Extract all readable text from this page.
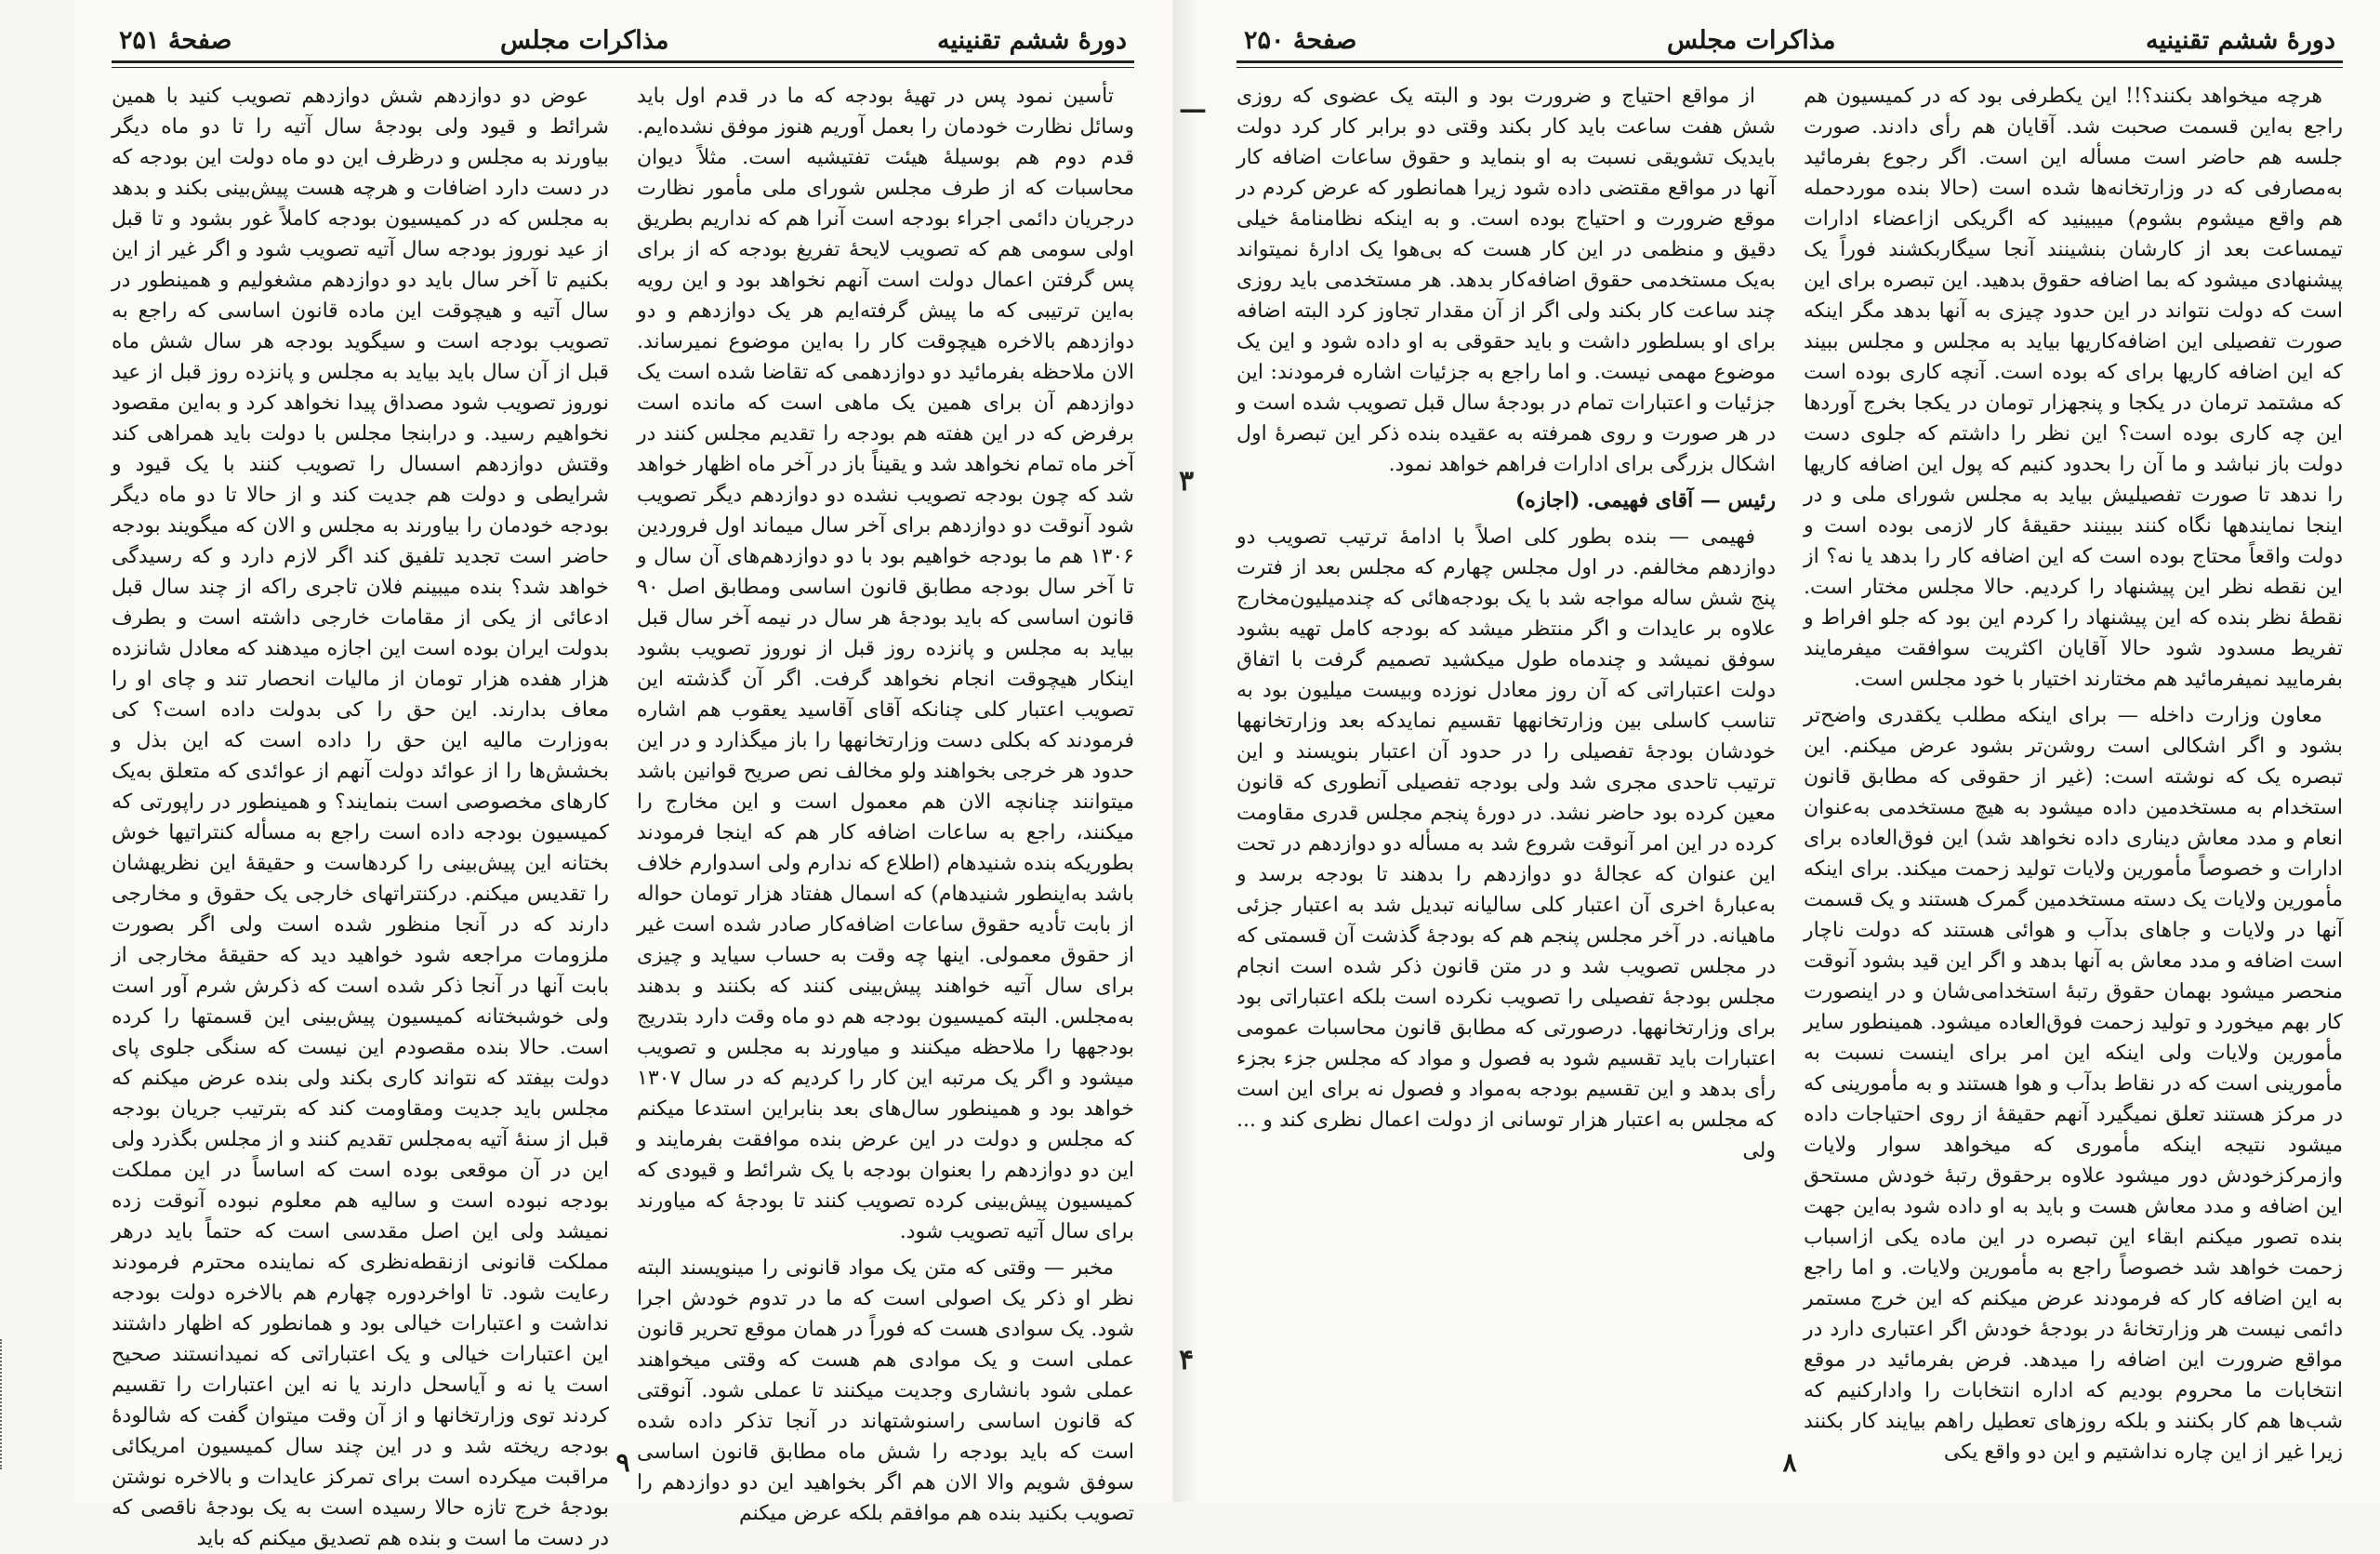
دورهٔ ششم تقنینیه
مذاکرات مجلس
صفحهٔ ۲۵۱

تأسین نمود پس در تهیهٔ بودجه که ما در قدم اول باید وسائل نظارت خودمان را بعمل آوریم هنوز موفق نشده‌ایم. قدم دوم هم بوسیلهٔ هیئت تفتیشیه است. مثلاً دیوان محاسبات که از طرف مجلس شورای ملی مأمور نظارت درجریان دائمی اجراء بودجه است آنرا هم که نداریم بطریق اولی سومی هم که تصویب لایحهٔ تفریغ بودجه که از برای پس گرفتن اعمال دولت است آنهم نخواهد بود و این رویه به‌این ترتیبی که ما پیش گرفته‌ایم هر یک دوازدهم و دو دوازدهم بالاخره هیچوقت کار را به‌این موضوع نمیرساند. الان ملاحظه بفرمائید دو دوازدهمی که تقاضا شده است یک دوازدهم آن برای همین یک ماهی است که مانده است برفرض که در این هفته هم بودجه را تقدیم مجلس کنند در آخر ماه تمام نخواهد شد و یقیناً باز در آخر ماه اظهار خواهد شد که چون بودجه تصویب نشده دو دوازدهم دیگر تصویب شود آنوقت دو دوازدهم برای آخر سال میماند اول فروردین ۱۳۰۶ هم ما بودجه خواهیم بود با دو دوازدهم‌های آن سال و تا آخر سال بودجه مطابق قانون اساسی ومطابق اصل ۹۰ قانون اساسی که باید بودجهٔ هر سال در نیمه آخر سال قبل بیاید به مجلس و پانزده روز قبل از نوروز تصویب بشود اینکار هیچوقت انجام نخواهد گرفت. اگر آن گذشته این تصویب اعتبار کلی چنانکه آقای آقاسید یعقوب هم اشاره فرمودند که بکلی دست وزارتخانهها را باز میگذارد و در این حدود هر خرجی بخواهند ولو مخالف نص صریح قوانین باشد میتوانند چنانچه الان هم معمول است و این مخارج را میکنند، راجع به ساعات اضافه کار هم که اینجا فرمودند بطوریکه بنده شنیدهام (اطلاع که ندارم ولی اسدوارم خلاف باشد به‌اینطور شنیدهام) که اسمال هفتاد هزار تومان حواله از بابت تأدیه حقوق ساعات اضافه‌کار صادر شده است غیر از حقوق معمولی. اینها چه وقت به حساب سیاید و چیزی برای سال آتیه خواهند پیش‌بینی کنند که بکنند و بدهند به‌مجلس. البته کمیسیون بودجه هم دو ماه وقت دارد بتدریج بودجهها را ملاحظه میکنند و میاورند به مجلس و تصویب میشود و اگر یک مرتبه این کار را کردیم که در سال ۱۳۰۷ خواهد بود و همینطور سال‌های بعد بنابراین استدعا میکنم که مجلس و دولت در این عرض بنده موافقت بفرمایند و این دو دوازدهم را بعنوان بودجه با یک شرائط و قیودی که کمیسیون پیش‌بینی کرده تصویب کنند تا بودجهٔ که میاورند برای سال آتیه تصویب شود.

مخبر — وقتی که متن یک مواد قانونی را مینویسند البته نظر او ذکر یک اصولی است که ما در تدوم خودش اجرا شود. یک سوادی هست که فوراً در همان موقع تحریر قانون عملی است و یک موادی هم هست که وقتی میخواهند عملی شود بانشاری وجدیت میکنند تا عملی شود. آنوقتی که قانون اساسی راسنوشتهاند در آنجا تذکر داده شده است که باید بودجه را شش ماه مطابق قانون اساسی سوفق شویم والا الان هم اگر بخواهید این دو دوازدهم را تصویب بکنید بنده هم موافقم بلکه عرض میکنم

عوض دو دوازدهم شش دوازدهم تصویب کنید با همین شرائط و قیود ولی بودجهٔ سال آتیه را تا دو ماه دیگر بیاورند به مجلس و درظرف این دو ماه دولت این بودجه که در دست دارد اضافات و هرچه هست پیش‌بینی بکند و بدهد به مجلس که در کمیسیون بودجه کاملاً غور بشود و تا قبل از عید نوروز بودجه سال آتیه تصویب شود و اگر غیر از این بکنیم تا آخر سال باید دو دوازدهم مشغولیم و همینطور در سال آتیه و هیچوقت این ماده قانون اساسی که راجع به تصویب بودجه است و سیگوید بودجه هر سال شش ماه قبل از آن سال باید بیاید به مجلس و پانزده روز قبل از عید نوروز تصویب شود مصداق پیدا نخواهد کرد و به‌این مقصود نخواهیم رسید. و درابنجا مجلس با دولت باید همراهی کند وقتش دوازدهم اسسال را تصویب کنند با یک قیود و شرایطی و دولت هم جدیت کند و از حالا تا دو ماه دیگر بودجه خودمان را بیاورند به مجلس و الان که میگویند بودجه حاضر است تجدید تلفیق کند اگر لازم دارد و که رسیدگی خواهد شد؟ بنده میبینم فلان تاجری راکه از چند سال قبل ادعائی از یکی از مقامات خارجی داشته است و بطرف بدولت ایران بوده است این اجازه میدهند که معادل شانزده هزار هفده هزار تومان از مالیات انحصار تند و چای او را معاف بدارند. این حق را کی بدولت داده است؟ کی به‌وزارت مالیه این حق را داده است که این بذل و بخشش‌ها را از عوائد دولت آنهم از عوائدی که متعلق به‌یک کارهای مخصوصی است بنمایند؟ و همینطور در راپورتی که کمیسیون بودجه داده است راجع به مسأله کنتراتیها خوش بختانه این پیش‌بینی را کردهاست و حقیقهٔ این نظریهشان را تقدیس میکنم. درکنتراتهای خارجی یک حقوق و مخارجی دارند که در آنجا منظور شده است ولی اگر بصورت ملزومات مراجعه شود خواهید دید که حقیقهٔ مخارجی از بابت آنها در آنجا ذکر شده است که ذکرش شرم آور است ولی خوشبختانه کمیسیون پیش‌بینی این قسمتها را کرده است. حالا بنده مقصودم این نیست که سنگی جلوی پای دولت بیفتد که نتواند کاری بکند ولی بنده عرض میکنم که مجلس باید جدیت ومقاومت کند که بترتیب جریان بودجه قبل از سنهٔ آتیه به‌مجلس تقدیم کنند و از مجلس بگذرد ولی این در آن موقعی بوده است که اساساً در این مملکت بودجه نبوده است و ساليه هم معلوم نبوده آنوقت زده نمیشد ولی این اصل مقدسی است که حتماً باید درهر مملکت قانونی ازنقطه‌نظری که نماینده محترم فرمودند رعایت شود. تا اواخردوره چهارم هم بالاخره دولت بودجه نداشت و اعتبارات خیالی بود و همانطور که اظهار داشتند این اعتبارات خیالی و یک اعتباراتی که نمیدانستند صحیح است یا نه و آیاسحل دارند یا نه این اعتبارات را تقسیم کردند توی وزارتخانها و از آن وقت میتوان گفت که شالودهٔ بودجه ریخته شد و در این چند سال کمیسیون امریکائی مراقبت میکرده است برای تمرکز عایدات و بالاخره نوشتن بودجهٔ خرج تازه حالا رسیده است به یک بودجهٔ ناقصی که در دست ما است و بنده هم تصدیق میکنم که باید

۹
دورهٔ ششم تقنینیه
مذاکرات مجلس
صفحهٔ ۲۵۰

هرچه میخواهد بکنند؟!! این یکطرفی بود که در کمیسیون هم راجع به‌این قسمت صحبت شد. آقایان هم رأی دادند. صورت جلسه هم حاضر است مسأله این است. اگر رجوع بفرمائید به‌مصارفی که در وزارتخانه‌ها شده است (حالا بنده موردحمله هم واقع میشوم بشوم) میبینید که اگریکی ازاعضاء ادارات تیمساعت بعد از کارشان بنشینند آنجا سیگاربکشند فوراً یک پیشنهادی میشود که بما اضافه حقوق بدهید. این تبصره برای این است که دولت نتواند در این حدود چیزی به آنها بدهد مگر اینکه صورت تفصیلی این اضافه‌کاریها بیاید به مجلس و مجلس ببیند که این اضافه کاریها برای که بوده است. آنچه کاری بوده است که مشتمد ترمان در یکجا و پنجهزار تومان در یکجا بخرج آوردها این چه کاری بوده است؟ این نظر را داشتم که جلوی دست دولت باز نباشد و ما آن را بحدود کنیم که پول این اضافه کاریها را ندهد تا صورت تفصیلیش بیاید به مجلس شورای ملی و در اینجا نمایندهها نگاه کنند ببینند حقیقهٔ کار لازمی بوده است و دولت واقعاً محتاج بوده است که این اضافه کار را بدهد یا نه؟ از این نقطه نظر این پیشنهاد را کردیم. حالا مجلس مختار است. نقطهٔ نظر بنده که این پیشنهاد را کردم این بود که جلو افراط و تفریط مسدود شود حالا آقایان اکثریت سوافقت میفرمایند بفرمایید نمیفرمائید هم مختارند اختیار با خود مجلس است.

معاون وزارت داخله — برای اینکه مطلب یکقدری واضح‌تر بشود و اگر اشکالی است روشن‌تر بشود عرض میکنم. این تبصره یک که نوشته است: (غیر از حقوقی که مطابق قانون استخدام به مستخدمین داده میشود به هیچ مستخدمی به‌عنوان انعام و مدد معاش دیناری داده نخواهد شد) این فوق‌العاده برای ادارات و خصوصاً مأمورین ولایات تولید زحمت میکند. برای اینکه مأمورین ولایات یک دسته مستخدمین گمرک هستند و یک قسمت آنها در ولایات و جاهای بدآب و هوائی هستند که دولت ناچار است اضافه و مدد معاش به آنها بدهد و اگر این قید بشود آنوقت منحصر میشود بهمان حقوق رتبهٔ استخدامی‌شان و در اینصورت کار بهم میخورد و تولید زحمت فوق‌العاده میشود. همینطور سایر مأمورین ولایات ولی اینکه این امر برای اینست نسبت به مأمورینی است که در نقاط بدآب و هوا هستند و به مأمورینی که در مرکز هستند تعلق نمیگیرد آنهم حقیقهٔ از روی احتیاجات داده میشود نتیجه اینکه مأموری که میخواهد سوار ولایات وازمرکزخودش دور میشود علاوه برحقوق رتبهٔ خودش مستحق این اضافه و مدد معاش هست و باید به او داده شود به‌این جهت بنده تصور میکنم ابقاء این تبصره در این ماده یکی ازاسباب زحمت خواهد شد خصوصاً راجع به مأمورین ولایات. و اما راجع به این اضافه کار که فرمودند عرض میکنم که این خرج مستمر دائمی نیست هر وزارتخانهٔ در بودجهٔ خودش اگر اعتباری دارد در مواقع ضرورت این اضافه را میدهد. فرض بفرمائید در موقع انتخابات ما محروم بودیم که اداره انتخابات را وادارکنیم که شب‌ها هم کار بکنند و بلکه روزهای تعطیل راهم بیایند کار بکنند زیرا غیر از این چاره نداشتیم و این دو واقع یکی

از مواقع احتیاج و ضرورت بود و البته یک عضوی که روزی شش هفت ساعت باید کار بکند وقتی دو برابر کار کرد دولت بایدیک تشویقی نسبت به او بنماید و حقوق ساعات اضافه کار آنها در مواقع مقتضی داده شود زیرا همانطور که عرض کردم در موقع ضرورت و احتیاج بوده است. و به اینکه نظامنامهٔ خیلی دقیق و منظمی در این کار هست که بی‌هوا یک ادارهٔ نمیتواند به‌یک مستخدمی حقوق اضافه‌کار بدهد. هر مستخدمی باید روزی چند ساعت کار بکند ولی اگر از آن مقدار تجاوز کرد البته اضافه برای او بسلطور داشت و باید حقوقی به او داده شود و این یک موضوع مهمی نیست. و اما راجع به جزئیات اشاره فرمودند: این جزئیات و اعتبارات تمام در بودجهٔ سال قبل تصویب شده است و در هر صورت و روی همرفته به عقیده بنده ذکر این تبصرهٔ اول اشکال بزرگی برای ادارات فراهم خواهد نمود.

رئیس — آقای فهیمی. (اجازه)

فهیمی — بنده بطور کلی اصلاً با ادامهٔ ترتیب تصویب دو دوازدهم مخالفم. در اول مجلس چهارم که مجلس بعد از فترت پنج شش ساله مواجه شد با یک بودجه‌هائی که چندمیلیون‌مخارج علاوه بر عایدات و اگر منتظر میشد که بودجه کامل تهیه بشود سوفق نمیشد و چندماه طول میکشید تصمیم گرفت با اتفاق دولت اعتباراتی که آن روز معادل نوزده وبیست میلیون بود به تناسب کاسلی بین وزارتخانهها تقسیم نمایدکه بعد وزارتخانهها خودشان بودجهٔ تفصیلی را در حدود آن اعتبار بنویسند و این ترتیب تاحدی مجری شد ولی بودجه تفصیلی آنطوری که قانون معین کرده بود حاضر نشد. در دورهٔ پنجم مجلس قدری مقاومت کرده در این امر آنوقت شروع شد به مسأله دو دوازدهم در تحت این عنوان که عجالهٔ دو دوازدهم را بدهند تا بودجه برسد و به‌عبارهٔ اخری آن اعتبار کلی سالیانه تبدیل شد به اعتبار جزئی ماهیانه. در آخر مجلس پنجم هم که بودجهٔ گذشت آن قسمتی که در مجلس تصویب شد و در متن قانون ذکر شده است انجام مجلس بودجهٔ تفصیلی را تصویب نکرده است بلکه اعتباراتی بود برای وزارتخانهها. درصورتی که مطابق قانون محاسبات عمومی اعتبارات باید تقسیم شود به فصول و مواد که مجلس جزء بجزء رأی بدهد و این تقسیم بودجه به‌مواد و فصول نه برای این است که مجلس به اعتبار هزار توسانی از دولت اعمال نظری کند و ... ولی

۸
—
۳
۴
